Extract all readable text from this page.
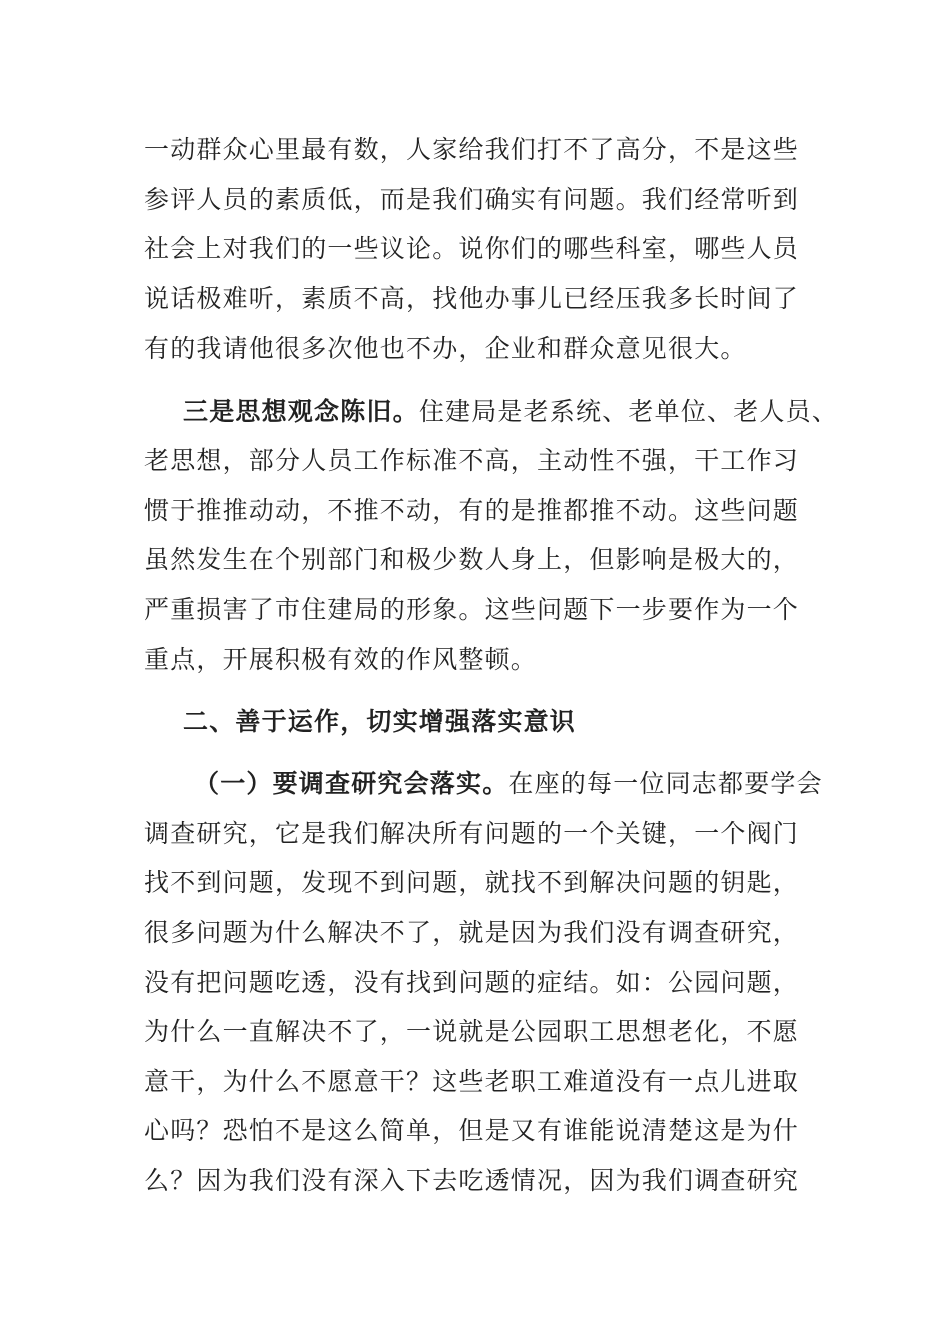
一动群众心里最有数，人家给我们打不了高分，不是这些

参评人员的素质低，而是我们确实有问题。我们经常听到

社会上对我们的一些议论。说你们的哪些科室，哪些人员

说话极难听，素质不高，找他办事儿已经压我多长时间了

有的我请他很多次他也不办，企业和群众意见很大。

三是思想观念陈旧。住建局是老系统、老单位、老人员、

老思想，部分人员工作标准不高，主动性不强，干工作习

惯于推推动动，不推不动，有的是推都推不动。这些问题

虽然发生在个别部门和极少数人身上，但影响是极大的，

严重损害了市住建局的形象。这些问题下一步要作为一个

重点，开展积极有效的作风整顿。

二、善于运作，切实增强落实意识

（一）要调查研究会落实。在座的每一位同志都要学会

调查研究，它是我们解决所有问题的一个关键，一个阀门

找不到问题，发现不到问题，就找不到解决问题的钥匙，

很多问题为什么解决不了，就是因为我们没有调查研究，

没有把问题吃透，没有找到问题的症结。如：公园问题，

为什么一直解决不了，一说就是公园职工思想老化，不愿

意干，为什么不愿意干？这些老职工难道没有一点儿进取

心吗？恐怕不是这么简单，但是又有谁能说清楚这是为什

么？因为我们没有深入下去吃透情况，因为我们调查研究
